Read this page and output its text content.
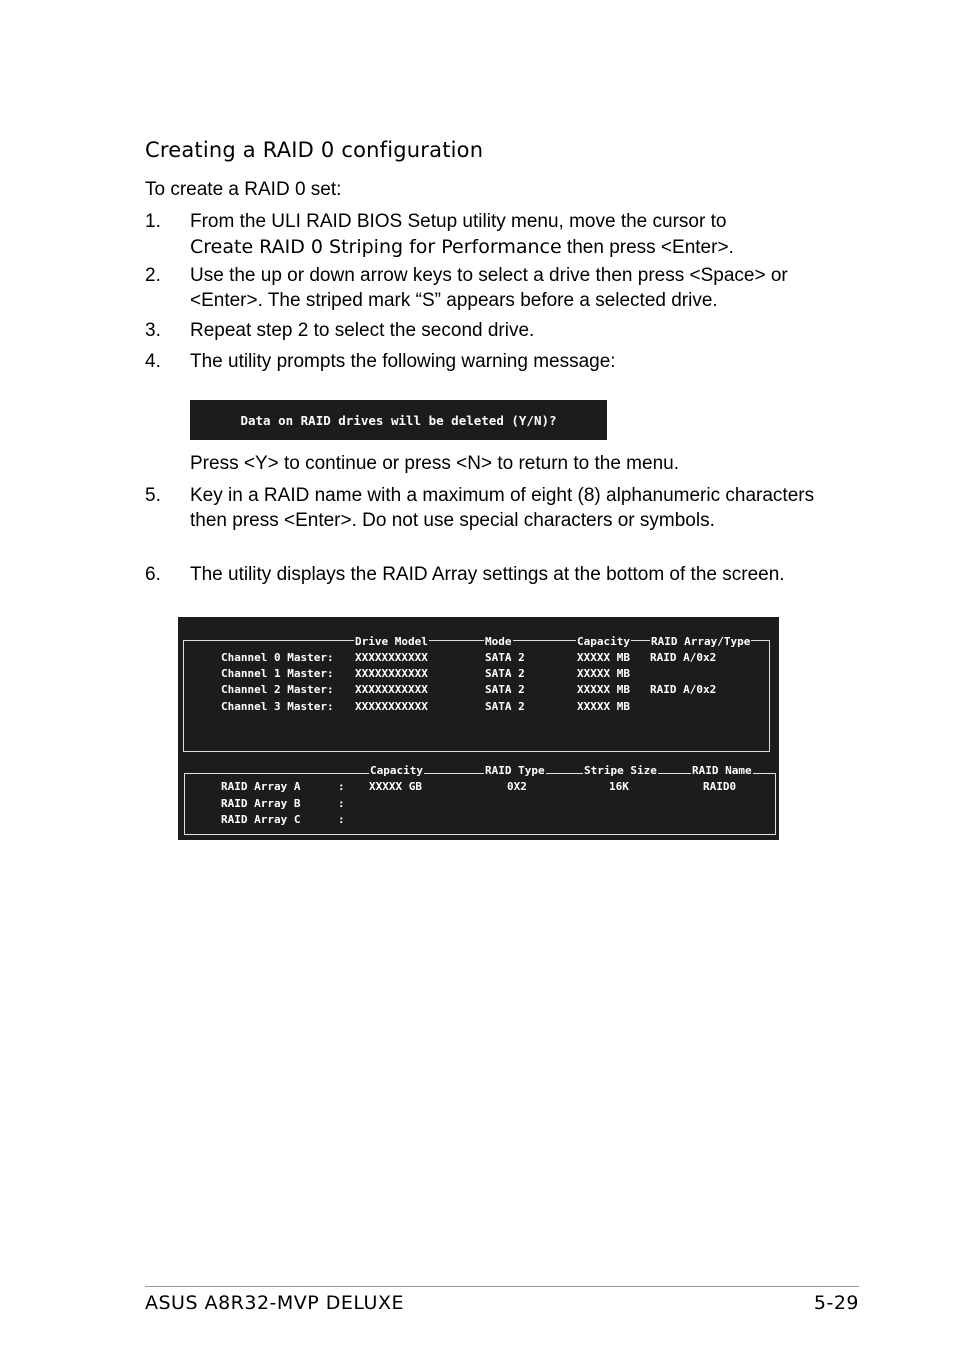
Creating a RAID 0 configuration
To create a RAID 0 set:
1. From the ULI RAID BIOS Setup utility menu, move the cursor to
Create RAID 0 Striping for Performance then press <Enter>.
2. Use the up or down arrow keys to select a drive then press <Space> or <Enter>. The striped mark “S” appears before a selected drive.
3. Repeat step 2 to select the second drive.
4. The utility prompts the following warning message:
5. Key in a RAID name with a maximum of eight (8) alphanumeric characters then press <Enter>. Do not use special characters or symbols.
6. The utility displays the RAID Array settings at the bottom of the screen.
Data on RAID drives will be deleted (Y/N)?
Press <Y> to continue or press <N> to return to the menu.
Drive Model	Mode	Capacity RAID Array/Type
Channel 0 Master: XXXXXXXXXXX	SATA 2	XXXXX MB RAID A/0x2
Channel 1 Master: XXXXXXXXXXX	SATA 2	XXXXX MB
Channel 2 Master: XXXXXXXXXXX	SATA 2	XXXXX MB RAID A/0x2
Channel 3 Master: XXXXXXXXXXX	SATA 2	XXXXX MB
Capacity	RAID Type	Stripe Size	RAID Name
RAID Array A	: XXXXX GB	0X2	16K	RAID0
RAID Array B	:
RAID Array C	:
ASUS A8R32-MVP DELUXE	5-29
